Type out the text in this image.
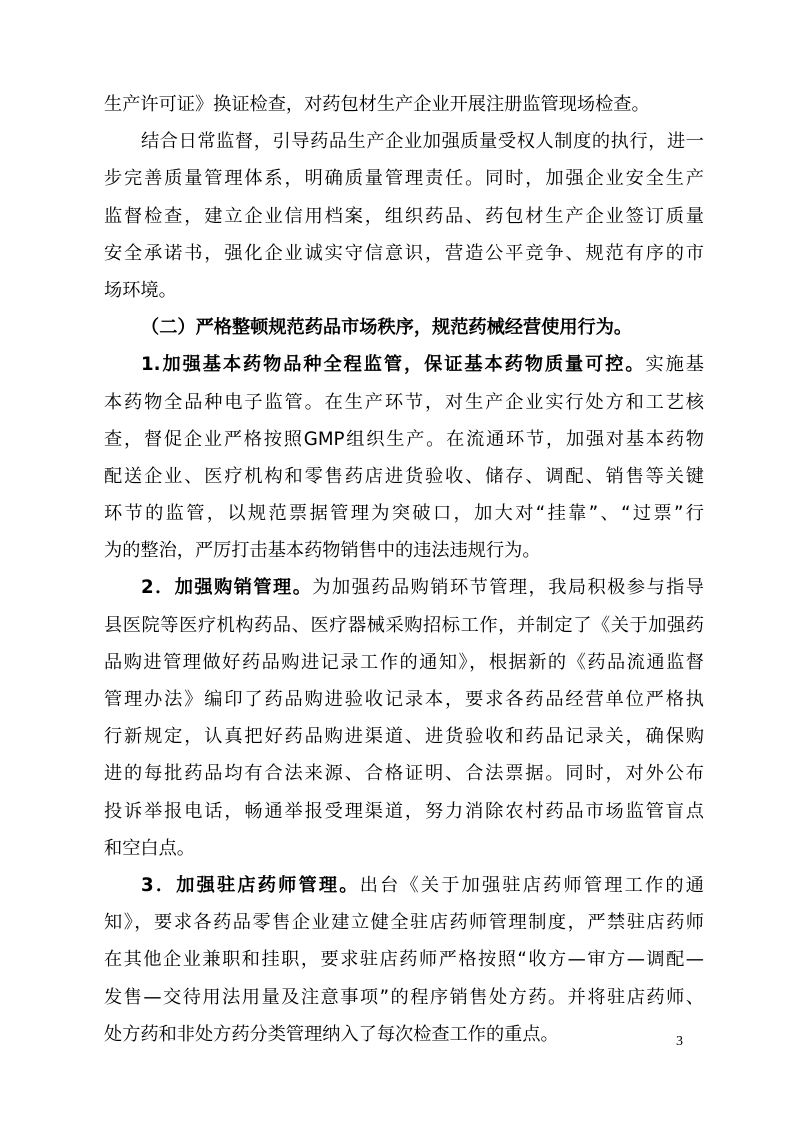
生产许可证》换证检查，对药包材生产企业开展注册监管现场检查。
结合日常监督，引导药品生产企业加强质量受权人制度的执行，进一
步完善质量管理体系，明确质量管理责任。同时，加强企业安全生产
监督检查，建立企业信用档案，组织药品、药包材生产企业签订质量
安全承诺书，强化企业诚实守信意识，营造公平竞争、规范有序的市
场环境。
（二）严格整顿规范药品市场秩序，规范药械经营使用行为。
1.加强基本药物品种全程监管，保证基本药物质量可控。实施基
本药物全品种电子监管。在生产环节，对生产企业实行处方和工艺核
查，督促企业严格按照GMP组织生产。在流通环节，加强对基本药物
配送企业、医疗机构和零售药店进货验收、储存、调配、销售等关键
环节的监管，以规范票据管理为突破口，加大对“挂靠”、“过票”行
为的整治，严厉打击基本药物销售中的违法违规行为。
2．加强购销管理。为加强药品购销环节管理，我局积极参与指导
县医院等医疗机构药品、医疗器械采购招标工作，并制定了《关于加强药
品购进管理做好药品购进记录工作的通知》，根据新的《药品流通监督
管理办法》编印了药品购进验收记录本，要求各药品经营单位严格执
行新规定，认真把好药品购进渠道、进货验收和药品记录关，确保购
进的每批药品均有合法来源、合格证明、合法票据。同时，对外公布
投诉举报电话，畅通举报受理渠道，努力消除农村药品市场监管盲点
和空白点。
3．加强驻店药师管理。出台《关于加强驻店药师管理工作的通
知》，要求各药品零售企业建立健全驻店药师管理制度，严禁驻店药师
在其他企业兼职和挂职，要求驻店药师严格按照“收方—审方—调配—
发售—交待用法用量及注意事项”的程序销售处方药。并将驻店药师、
处方药和非处方药分类管理纳入了每次检查工作的重点。	3
